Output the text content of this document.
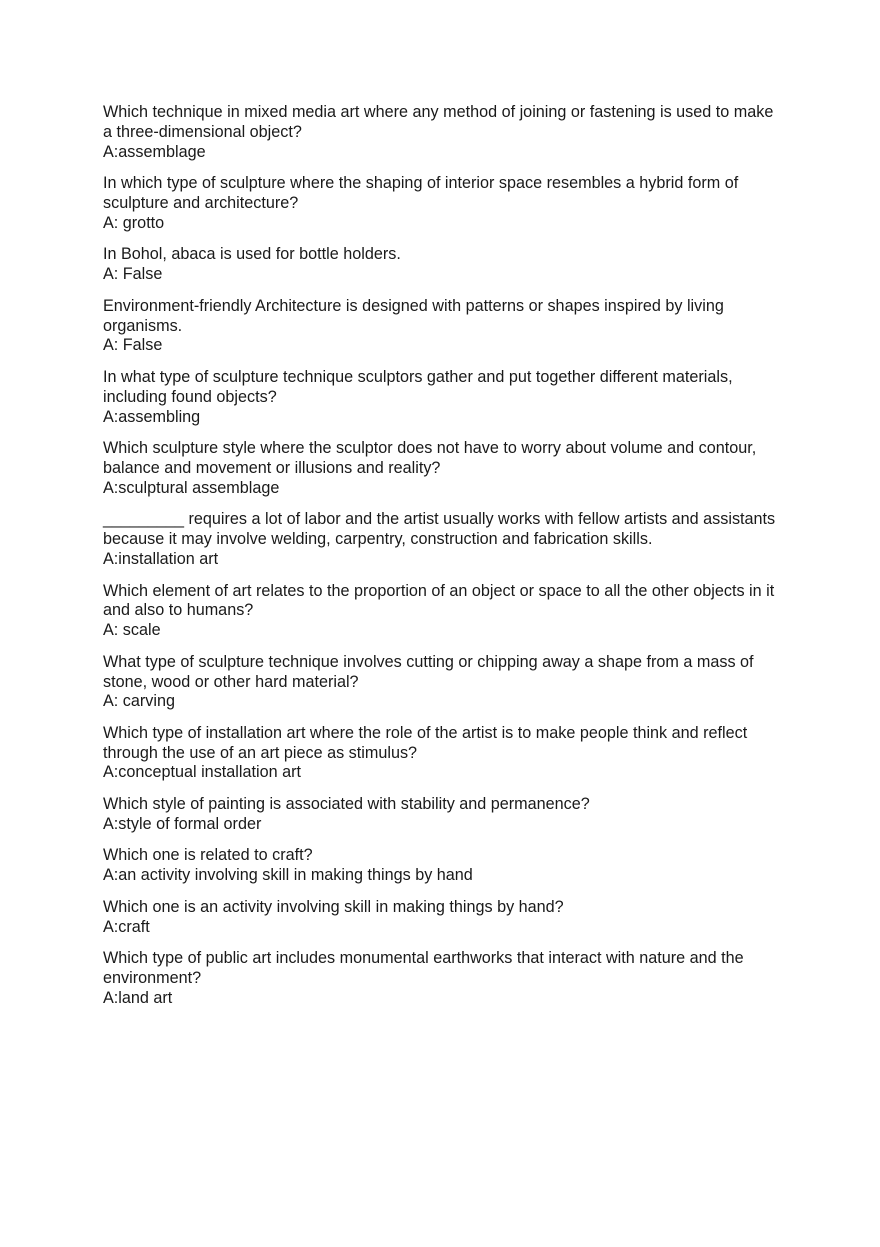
Which technique in mixed media art where any method of joining or fastening is used to make a three-dimensional object?
A:assemblage
In which type of sculpture where the shaping of interior space resembles a hybrid form of sculpture and architecture?
A: grotto
In Bohol, abaca is used for bottle holders.
A: False
Environment-friendly Architecture is designed with patterns or shapes inspired by living organisms.
A: False
In what type of sculpture technique sculptors gather and put together different materials, including found objects?
A:assembling
Which sculpture style where the sculptor does not have to worry about volume and contour, balance and movement or illusions and reality?
A:sculptural assemblage
_________ requires a lot of labor and the artist usually works with fellow artists and assistants because it may involve welding, carpentry, construction and fabrication skills.
A:installation art
Which element of art relates to the proportion of an object or space to all the other objects in it and also to humans?
A: scale
What type of sculpture technique involves cutting or chipping away a shape from a mass of stone, wood or other hard material?
A: carving
Which type of installation art where the role of the artist is to make people think and reflect through the use of an art piece as stimulus?
A:conceptual installation art
Which style of painting is associated with stability and permanence?
A:style of formal order
Which one is related to craft?
A:an activity involving skill in making things by hand
Which one is an activity involving skill in making things by hand?
A:craft
Which type of public art includes monumental earthworks that interact with nature and the environment?
A:land art
